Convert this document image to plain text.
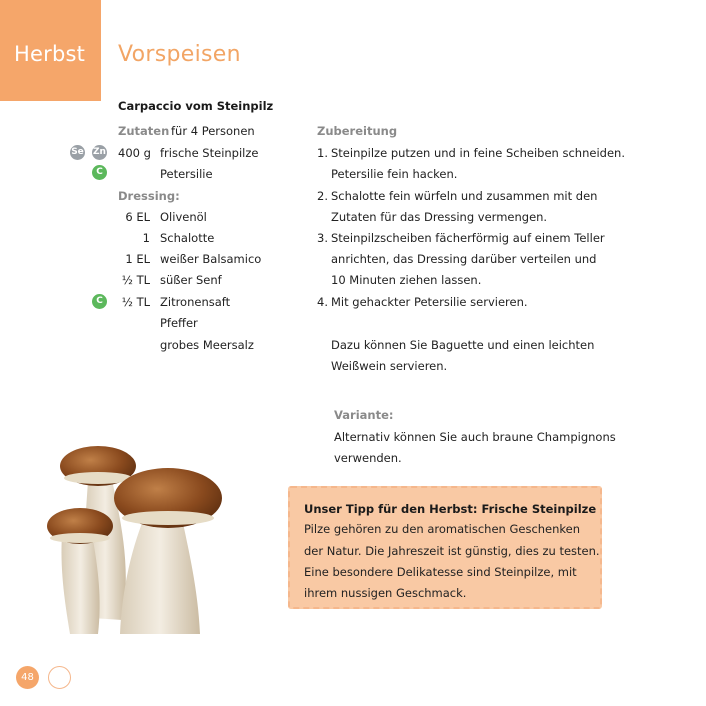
Herbst Vorspeisen
Carpaccio vom Steinpilz
Zutaten für 4 Personen
Se Zn
C
400 g frische Steinpilze
Petersilie
Dressing:
6 EL Olivenöl
1 Schalotte
1 EL weißer Balsamico
½ TL süßer Senf
C	½ TL Zitronensaft
Pfeffer
grobes Meersalz
Zubereitung
1. Steinpilze putzen und in feine Scheiben schneiden.
Petersilie fein hacken.
2. Schalotte fein würfeln und zusammen mit den
Zutaten für das Dressing vermengen.
3. Steinpilzscheiben fächerförmig auf einem Teller
anrichten, das Dressing darüber verteilen und
10 Minuten ziehen lassen.
4. Mit gehackter Petersilie servieren.
Dazu können Sie Baguette und einen leichten
Weißwein servieren.
Variante:
Alternativ können Sie auch braune Champignons
verwenden.
Unser Tipp für den Herbst: Frische Steinpilze
Pilze gehören zu den aromatischen Geschenken
der Natur. Die Jahreszeit ist günstig, dies zu testen.
Eine besondere Delikatesse sind Steinpilze, mit
ihrem nussigen Geschmack.
48
